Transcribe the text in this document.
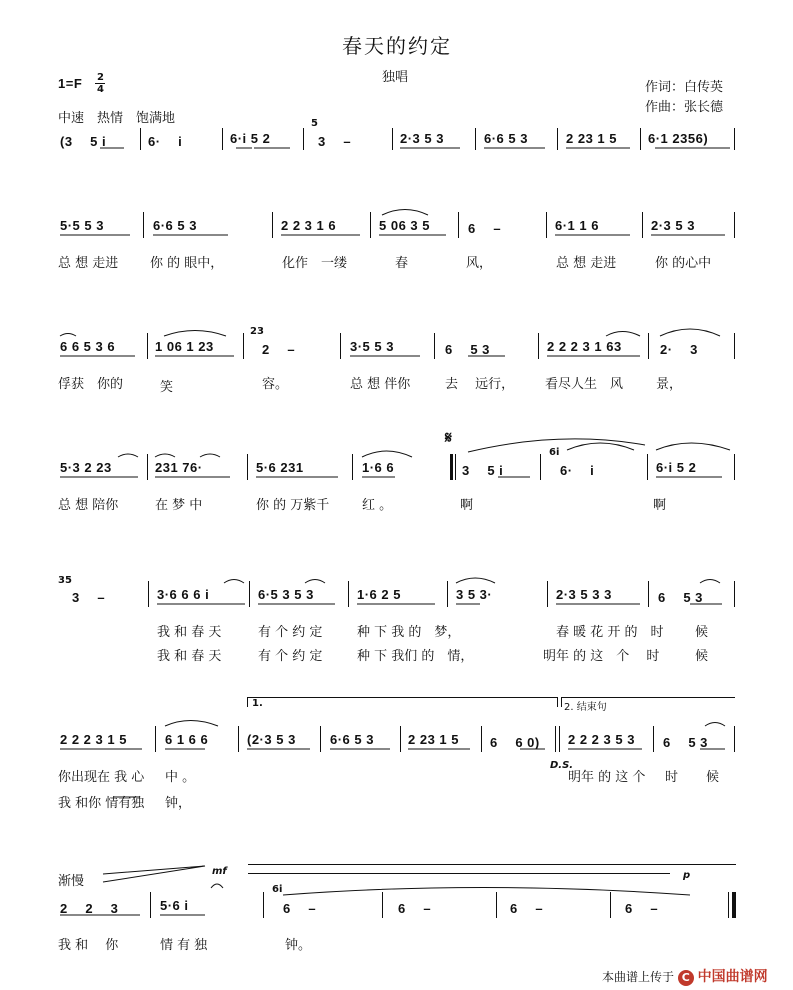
春天的约定
独唱
1=F 2
4	作词：白传英
作曲：张长德
中速　热情　饱满地
(3　 5 i	6·　 i	6·i 5 2
5
3　 –	2·3 5 3	6·6 5 3	2 23 1 5 6·1 2356)
5·5 5 3	6·6 5 3	2 2 3 1 6	5 06 3 5	6　 –	6·1 1 6	2·3 5 3
总 想 走进 你 的 眼中，	化作　一缕	春	风，	总 想 走进	你 的心中
6 6 5 3 6	1 06 1 23
23
2　 –	3·5 5 3	6　 5 3	2 2 2 3 1 63	2·　 3
俘获　你的	笑	容。	总 想 伴你	去　 远行， 看尽人生　风	景，
5·3 2 23	231 76·	5·6 231	1·6 6
𝄋
3　 5 i
6i
6·　 i	6·i 5 2
总 想 陪你	在 梦 中	你 的 万紫千	红 。	啊	啊
35
3　 –	3·6 6 6 i	6·5 3 5 3	1·6 2 5	3 5 3·	2·3 5 3 3	6　 5 3
我 和 春 天	有 个 约 定	种 下 我 的　梦，	春 暖 花 开 的　时 候
我 和 春 天	有 个 约 定	种 下 我们 的　情，	明年 的 这　个　 时	候
1.	2. 结束句
2 2 2 3 1 5	6 1 6 6	(2·3 5 3	6·6 5 3	2 23 1 5 6　 6 0) 2 2 2 3 5 3 6　 5 3
你出现在 我 心 中 。
D.S.
明年 的 这 个 时 候
我 和你 情有独 钟，
渐慢
mf	p
6i
2　 2　 3	5·6 i	6　 –	6　 –	6　 –	6　 –
我 和　 你	情 有 独	钟。
本曲谱上传于 C 中国曲谱网
